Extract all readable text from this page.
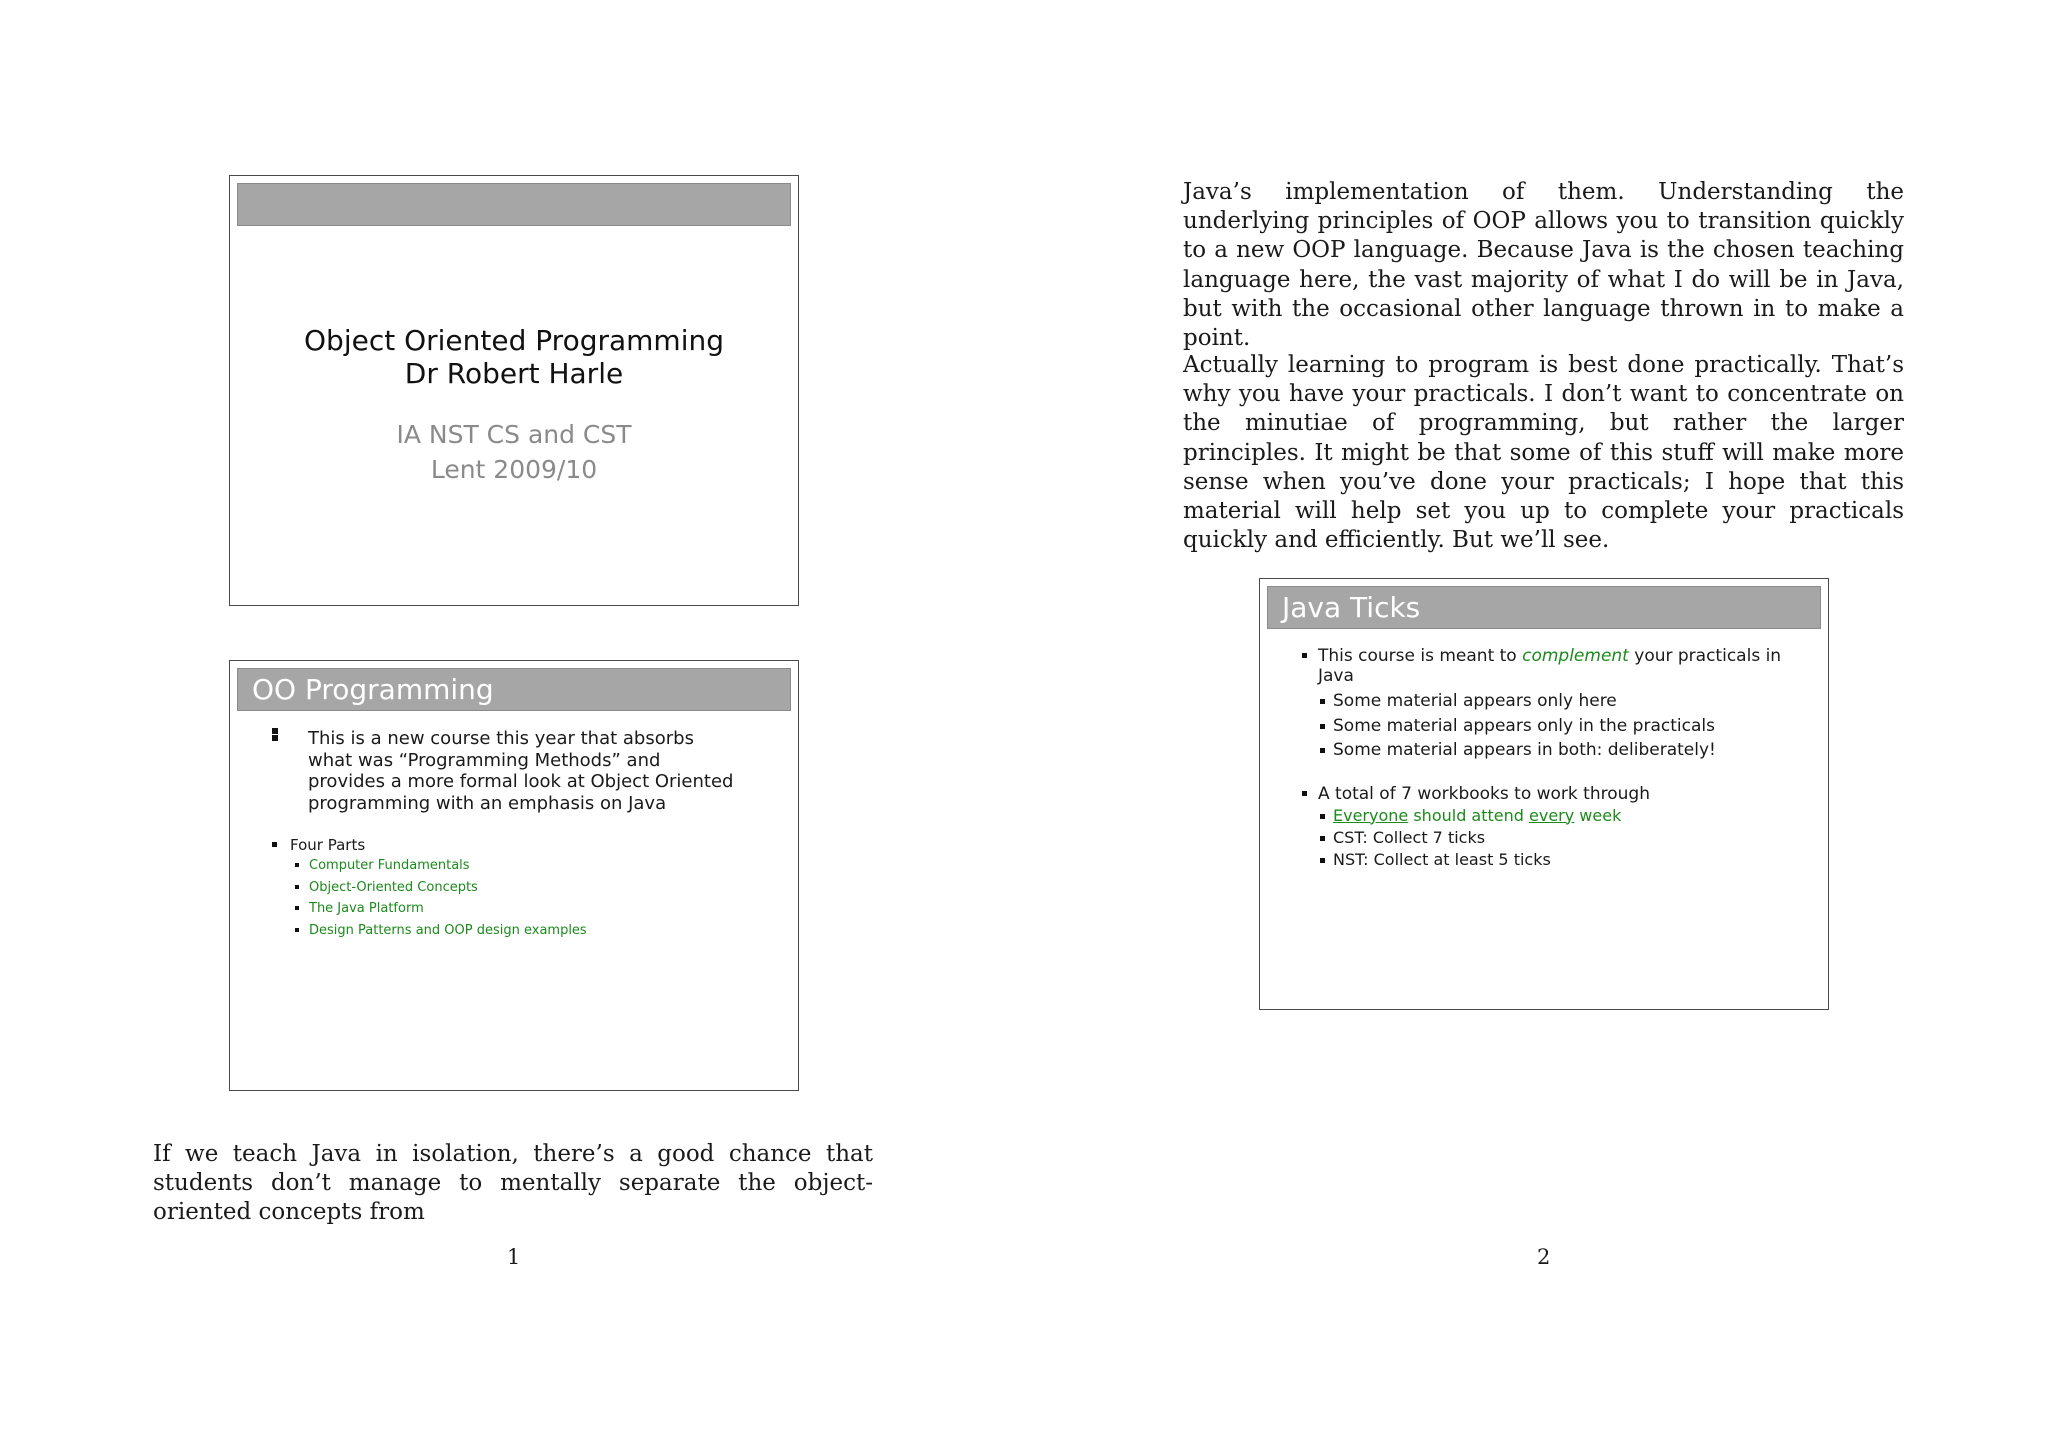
Object Oriented Programming
Dr Robert Harle
IA NST CS and CST
Lent 2009/10
OO Programming
This is a new course this year that absorbs what was “Programming Methods” and provides a more formal look at Object Oriented programming with an emphasis on Java
Four Parts
Computer Fundamentals
Object-Oriented Concepts
The Java Platform
Design Patterns and OOP design examples
If we teach Java in isolation, there’s a good chance that students don’t manage to mentally separate the object-oriented concepts from
1
Java’s implementation of them. Understanding the underlying principles of OOP allows you to transition quickly to a new OOP language. Because Java is the chosen teaching language here, the vast majority of what I do will be in Java, but with the occasional other language thrown in to make a point.
Actually learning to program is best done practically. That’s why you have your practicals. I don’t want to concentrate on the minutiae of programming, but rather the larger principles. It might be that some of this stuff will make more sense when you’ve done your practicals; I hope that this material will help set you up to complete your practicals quickly and efficiently. But we’ll see.
Java Ticks
This course is meant to complement your practicals in Java
Some material appears only here
Some material appears only in the practicals
Some material appears in both: deliberately!
A total of 7 workbooks to work through
Everyone should attend every week
CST: Collect 7 ticks
NST: Collect at least 5 ticks
2
